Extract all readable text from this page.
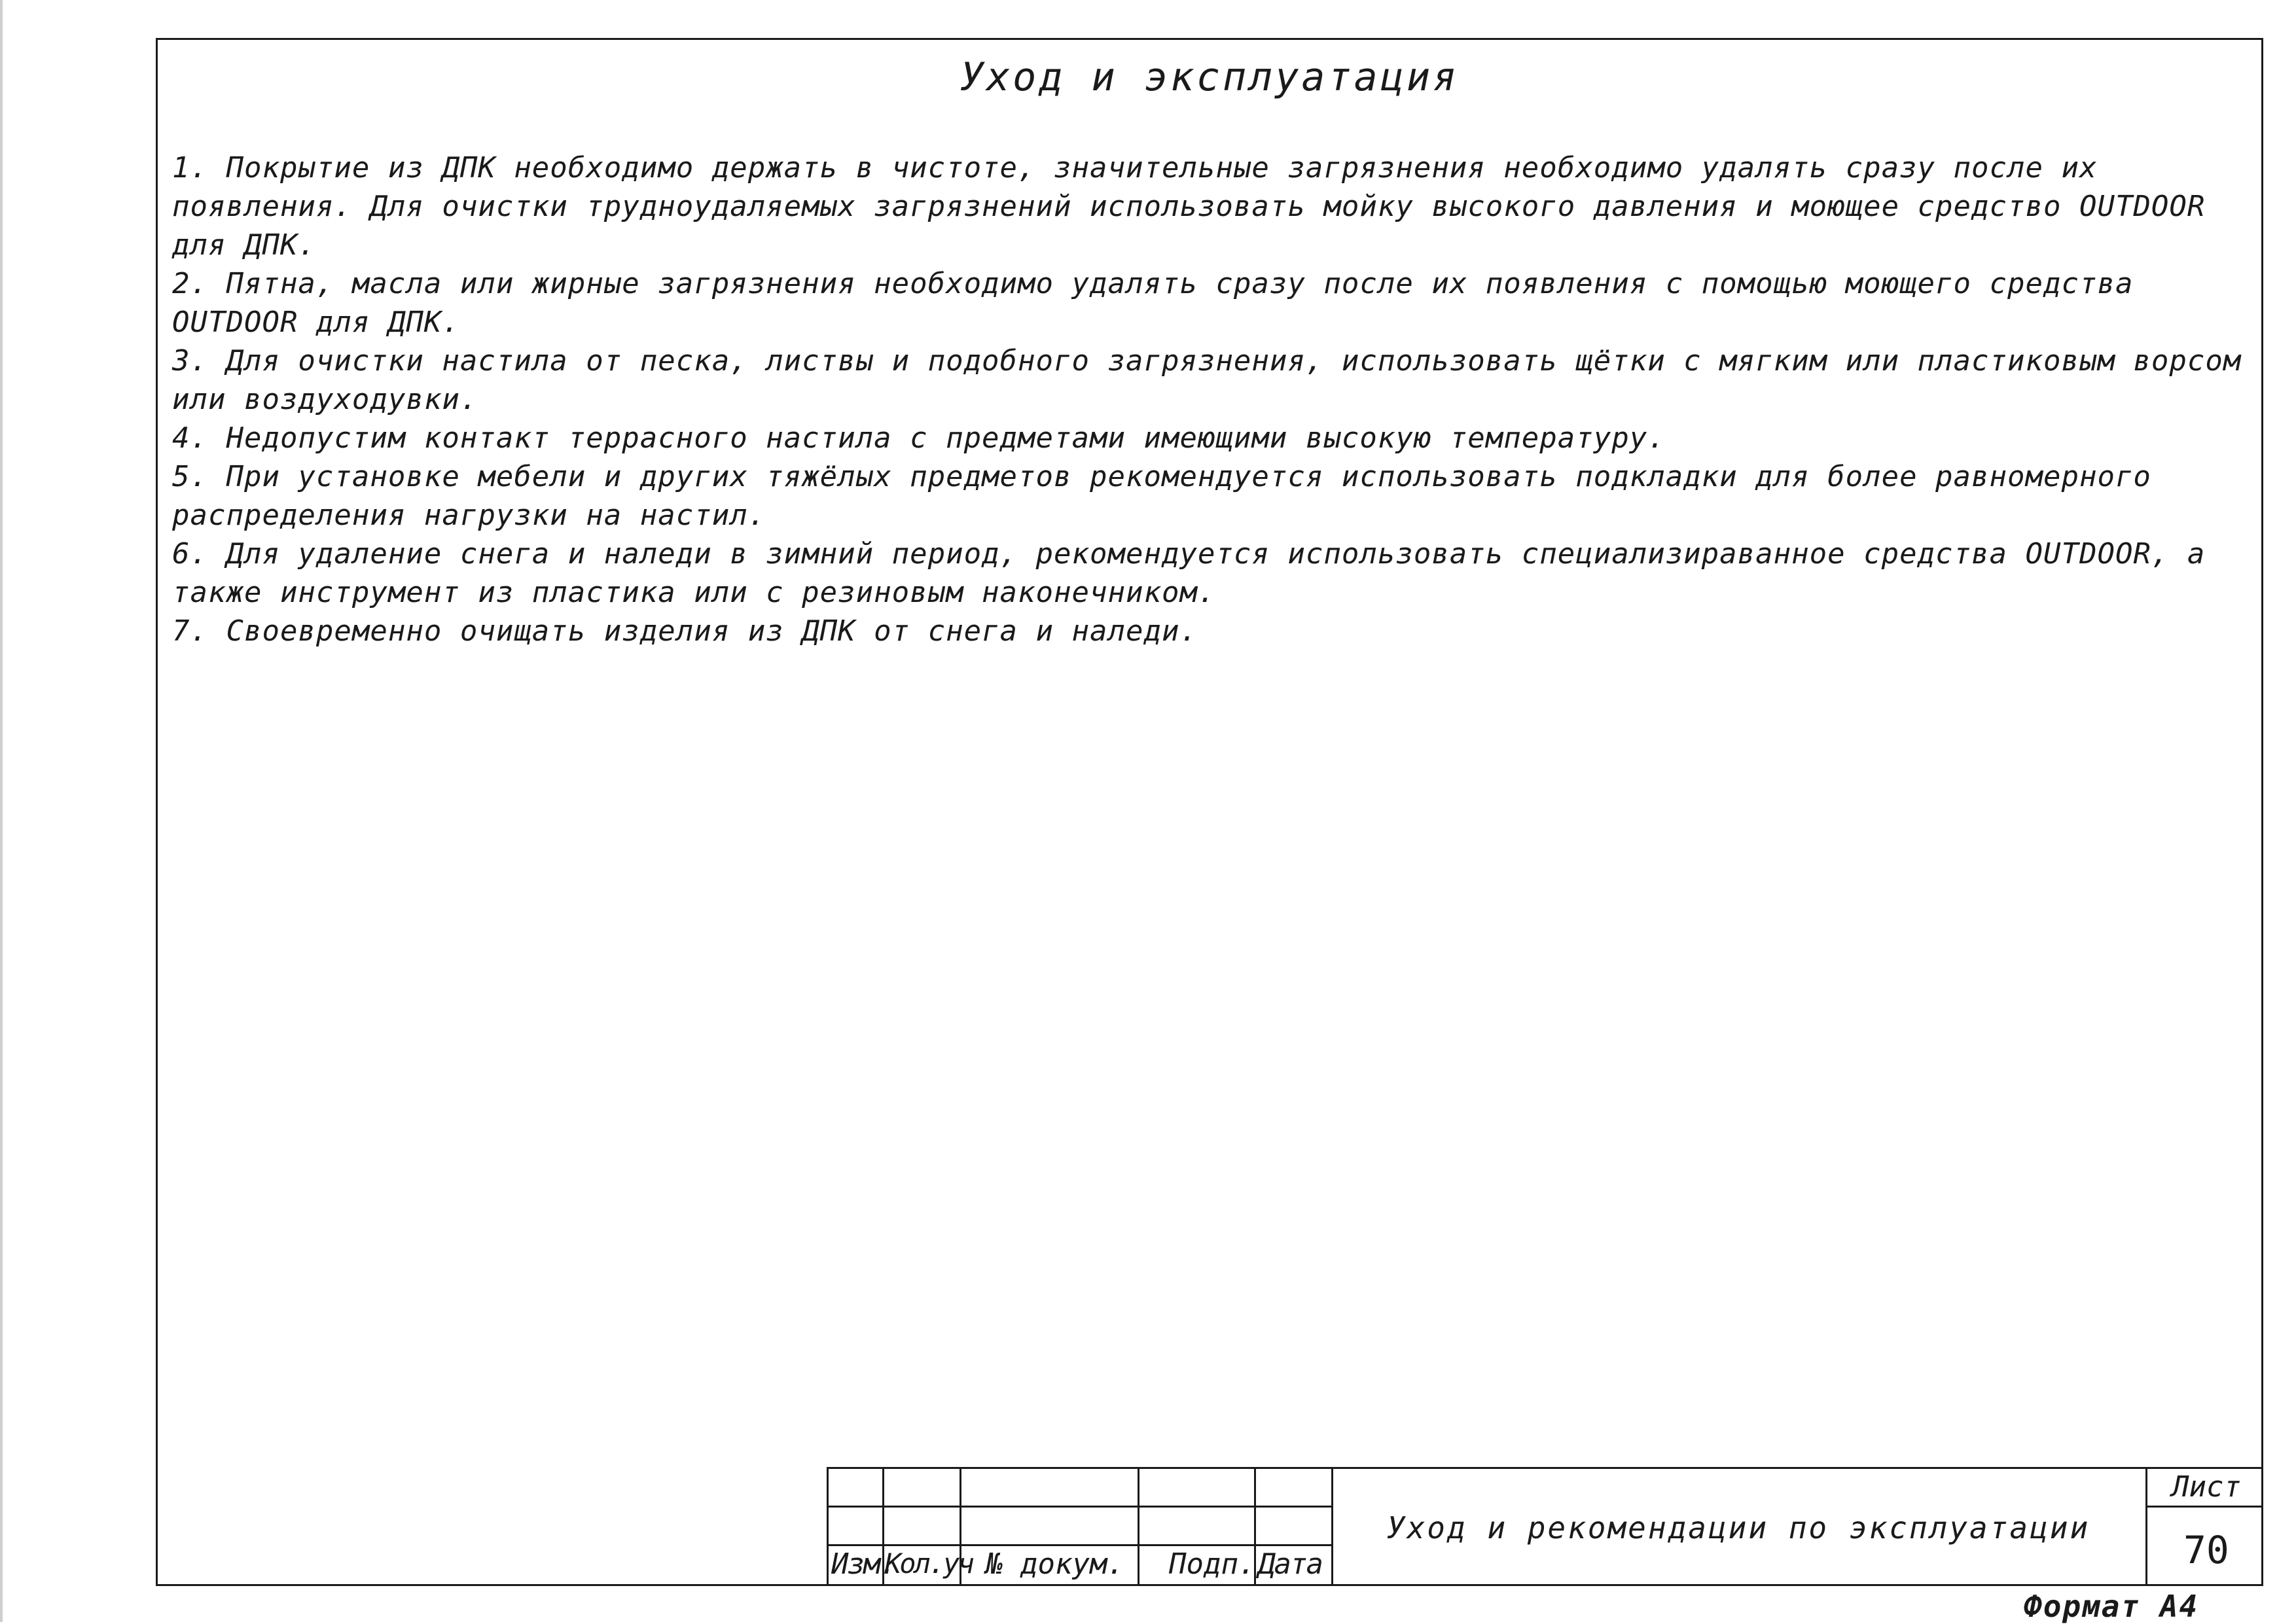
Уход и эксплуатация

1. Покрытие из ДПК необходимо держать в чистоте, значительные загрязнения необходимо удалять сразу после их появления. Для очистки трудноудаляемых загрязнений использовать мойку высокого давления и моющее средство OUTDOOR для ДПК.

2. Пятна, масла или жирные загрязнения необходимо удалять сразу после их появления с помощью моющего средства OUTDOOR для ДПК.

3. Для очистки настила от песка, листвы и подобного загрязнения, использовать щётки с мягким или пластиковым ворсом или воздуходувки.

4. Недопустим контакт террасного настила с предметами имеющими высокую температуру.

5. При установке мебели и других тяжёлых предметов рекомендуется использовать подкладки для более равномерного распределения нагрузки на настил.

6. Для удаление снега и наледи в зимний период, рекомендуется использовать специализираванное средства OUTDOOR, а также инструмент из пластика или с резиновым наконечником.

7. Своевременно очищать изделия из ДПК от снега и наледи.

Изм.
Кол.уч № докум. Подп. Дата
Уход и рекомендации по эксплуатации
Лист
70
Формат А4
